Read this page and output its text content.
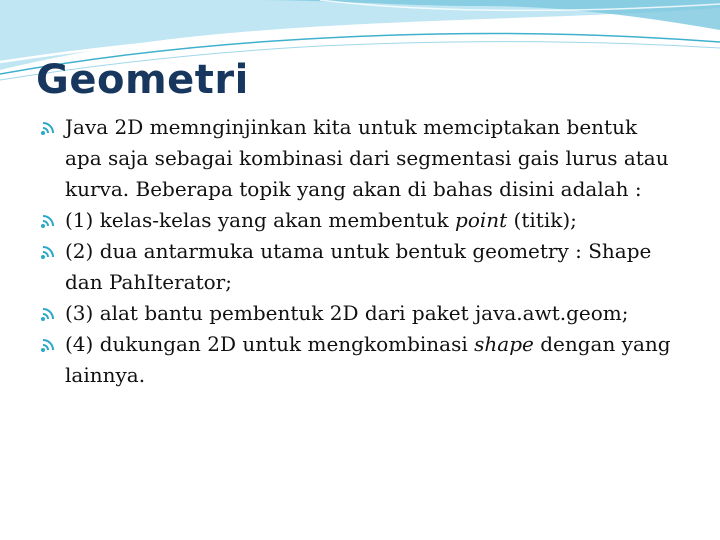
Geometri

Java 2D memnginjinkan kita untuk memciptakan bentuk apa saja sebagai kombinasi dari segmentasi gais lurus atau kurva. Beberapa topik yang akan di bahas disini adalah :

(1) kelas-kelas yang akan membentuk point (titik);

(2) dua antarmuka utama untuk bentuk geometry : Shape dan PahIterator;

(3) alat bantu pembentuk 2D dari paket java.awt.geom;

(4) dukungan 2D untuk mengkombinasi shape dengan yang lainnya.
